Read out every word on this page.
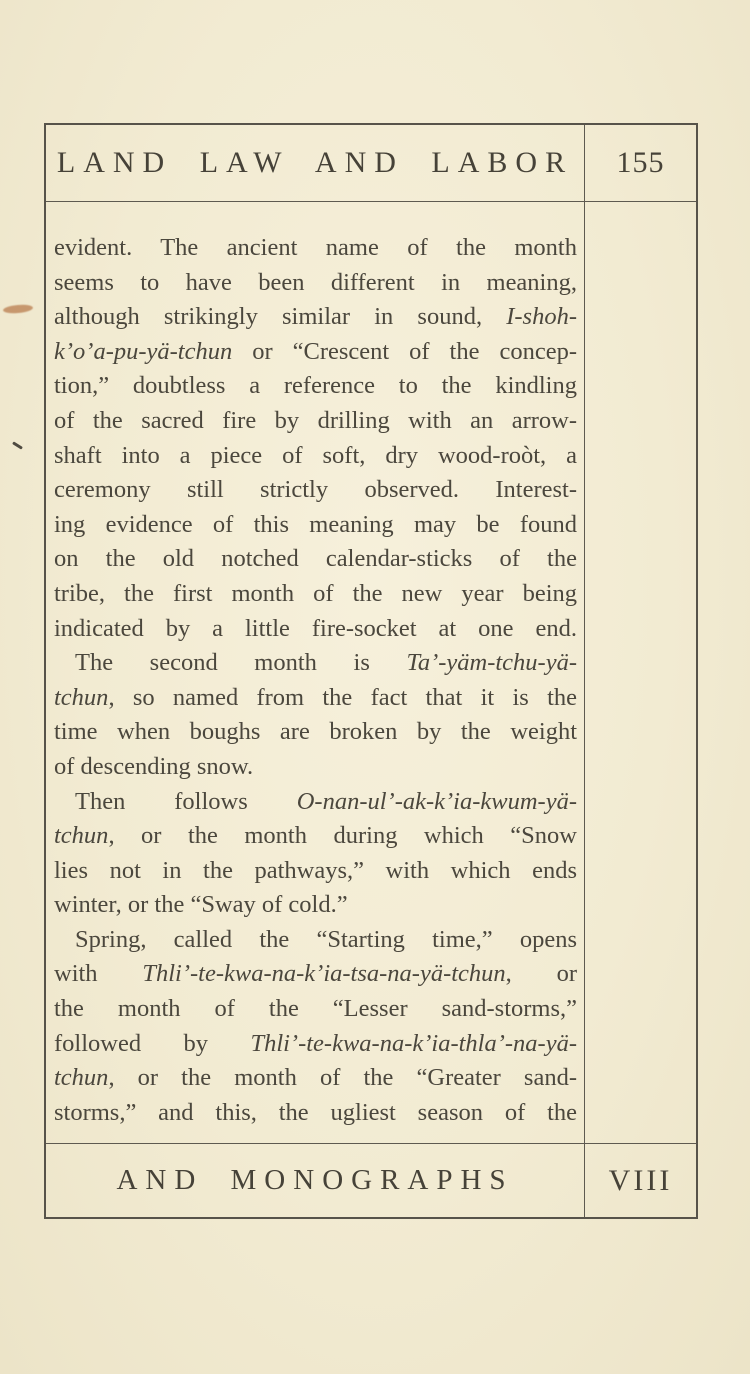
LAND LAW AND LABOR 155
evident. The ancient name of the month
seems to have been different in meaning,
although strikingly similar in sound, I-shoh-
k’o’a-pu-yä-tchun or “Crescent of the concep-
tion,” doubtless a reference to the kindling
of the sacred fire by drilling with an arrow-
shaft into a piece of soft, dry wood-roòt, a
ceremony still strictly observed. Interest-
ing evidence of this meaning may be found
on the old notched calendar-sticks of the
tribe, the first month of the new year being
indicated by a little fire-socket at one end.
The second month is Ta’-yäm-tchu-yä-
tchun, so named from the fact that it is the
time when boughs are broken by the weight
of descending snow.
Then follows O-nan-ul’-ak-k’ia-kwum-yä-
tchun, or the month during which “Snow
lies not in the pathways,” with which ends
winter, or the “Sway of cold.”
Spring, called the “Starting time,” opens
with Thli’-te-kwa-na-k’ia-tsa-na-yä-tchun, or
the month of the “Lesser sand-storms,”
followed by Thli’-te-kwa-na-k’ia-thla’-na-yä-
tchun, or the month of the “Greater sand-
storms,” and this, the ugliest season of the
AND MONOGRAPHS	VIII
